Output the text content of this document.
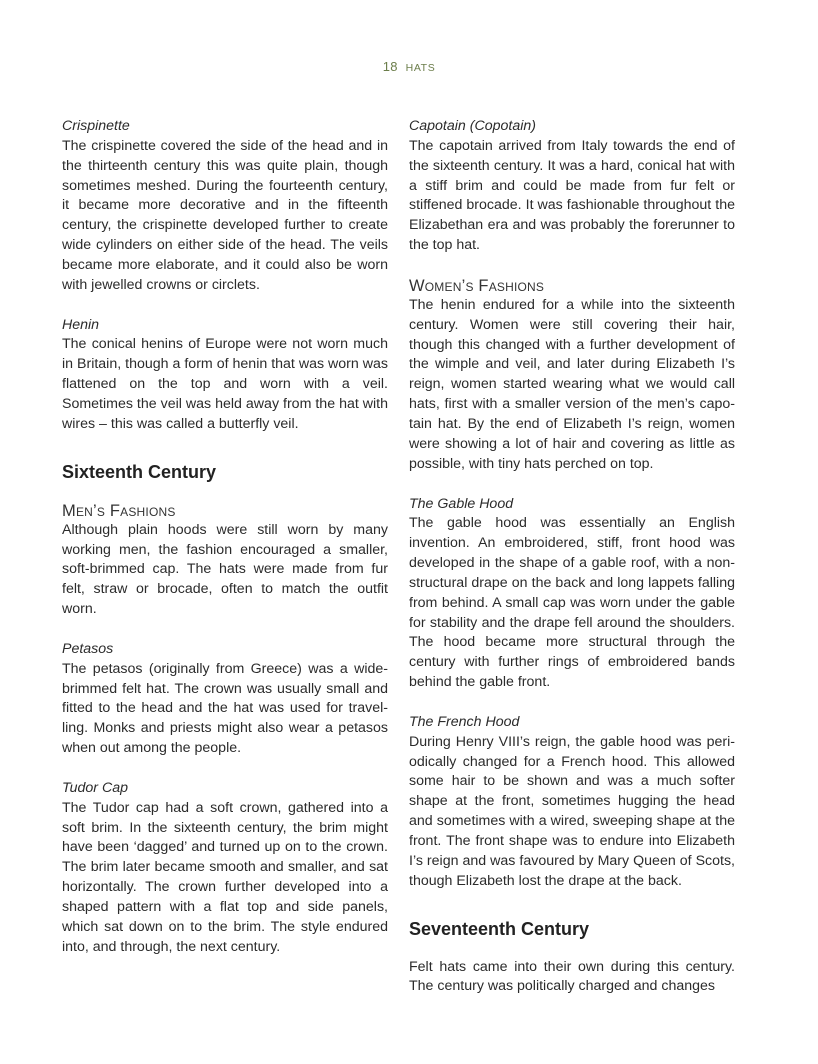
18 HATS
Crispinette
The crispinette covered the side of the head and in the thirteenth century this was quite plain, though sometimes meshed. During the fourteenth century, it became more decorative and in the fifteenth century, the crispinette developed further to create wide cylinders on either side of the head. The veils became more elaborate, and it could also be worn with jewelled crowns or circlets.
Henin
The conical henins of Europe were not worn much in Britain, though a form of henin that was worn was flattened on the top and worn with a veil. Sometimes the veil was held away from the hat with wires – this was called a butterfly veil.
Sixteenth Century
Men’s Fashions
Although plain hoods were still worn by many working men, the fashion encouraged a smaller, soft-brimmed cap. The hats were made from fur felt, straw or brocade, often to match the outfit worn.
Petasos
The petasos (originally from Greece) was a widebrimmed felt hat. The crown was usually small and fitted to the head and the hat was used for travelling. Monks and priests might also wear a petasos when out among the people.
Tudor Cap
The Tudor cap had a soft crown, gathered into a soft brim. In the sixteenth century, the brim might have been ‘dagged’ and turned up on to the crown. The brim later became smooth and smaller, and sat horizontally. The crown further developed into a shaped pattern with a flat top and side panels, which sat down on to the brim. The style endured into, and through, the next century.
Capotain (Copotain)
The capotain arrived from Italy towards the end of the sixteenth century. It was a hard, conical hat with a stiff brim and could be made from fur felt or stiffened brocade. It was fashionable throughout the Elizabethan era and was probably the forerunner to the top hat.
Women’s Fashions
The henin endured for a while into the sixteenth century. Women were still covering their hair, though this changed with a further development of the wimple and veil, and later during Elizabeth I’s reign, women started wearing what we would call hats, first with a smaller version of the men’s capotain hat. By the end of Elizabeth I’s reign, women were showing a lot of hair and covering as little as possible, with tiny hats perched on top.
The Gable Hood
The gable hood was essentially an English invention. An embroidered, stiff, front hood was developed in the shape of a gable roof, with a non-structural drape on the back and long lappets falling from behind. A small cap was worn under the gable for stability and the drape fell around the shoulders. The hood became more structural through the century with further rings of embroidered bands behind the gable front.
The French Hood
During Henry VIII’s reign, the gable hood was periodically changed for a French hood. This allowed some hair to be shown and was a much softer shape at the front, sometimes hugging the head and sometimes with a wired, sweeping shape at the front. The front shape was to endure into Elizabeth I’s reign and was favoured by Mary Queen of Scots, though Elizabeth lost the drape at the back.
Seventeenth Century
Felt hats came into their own during this century. The century was politically charged and changes
